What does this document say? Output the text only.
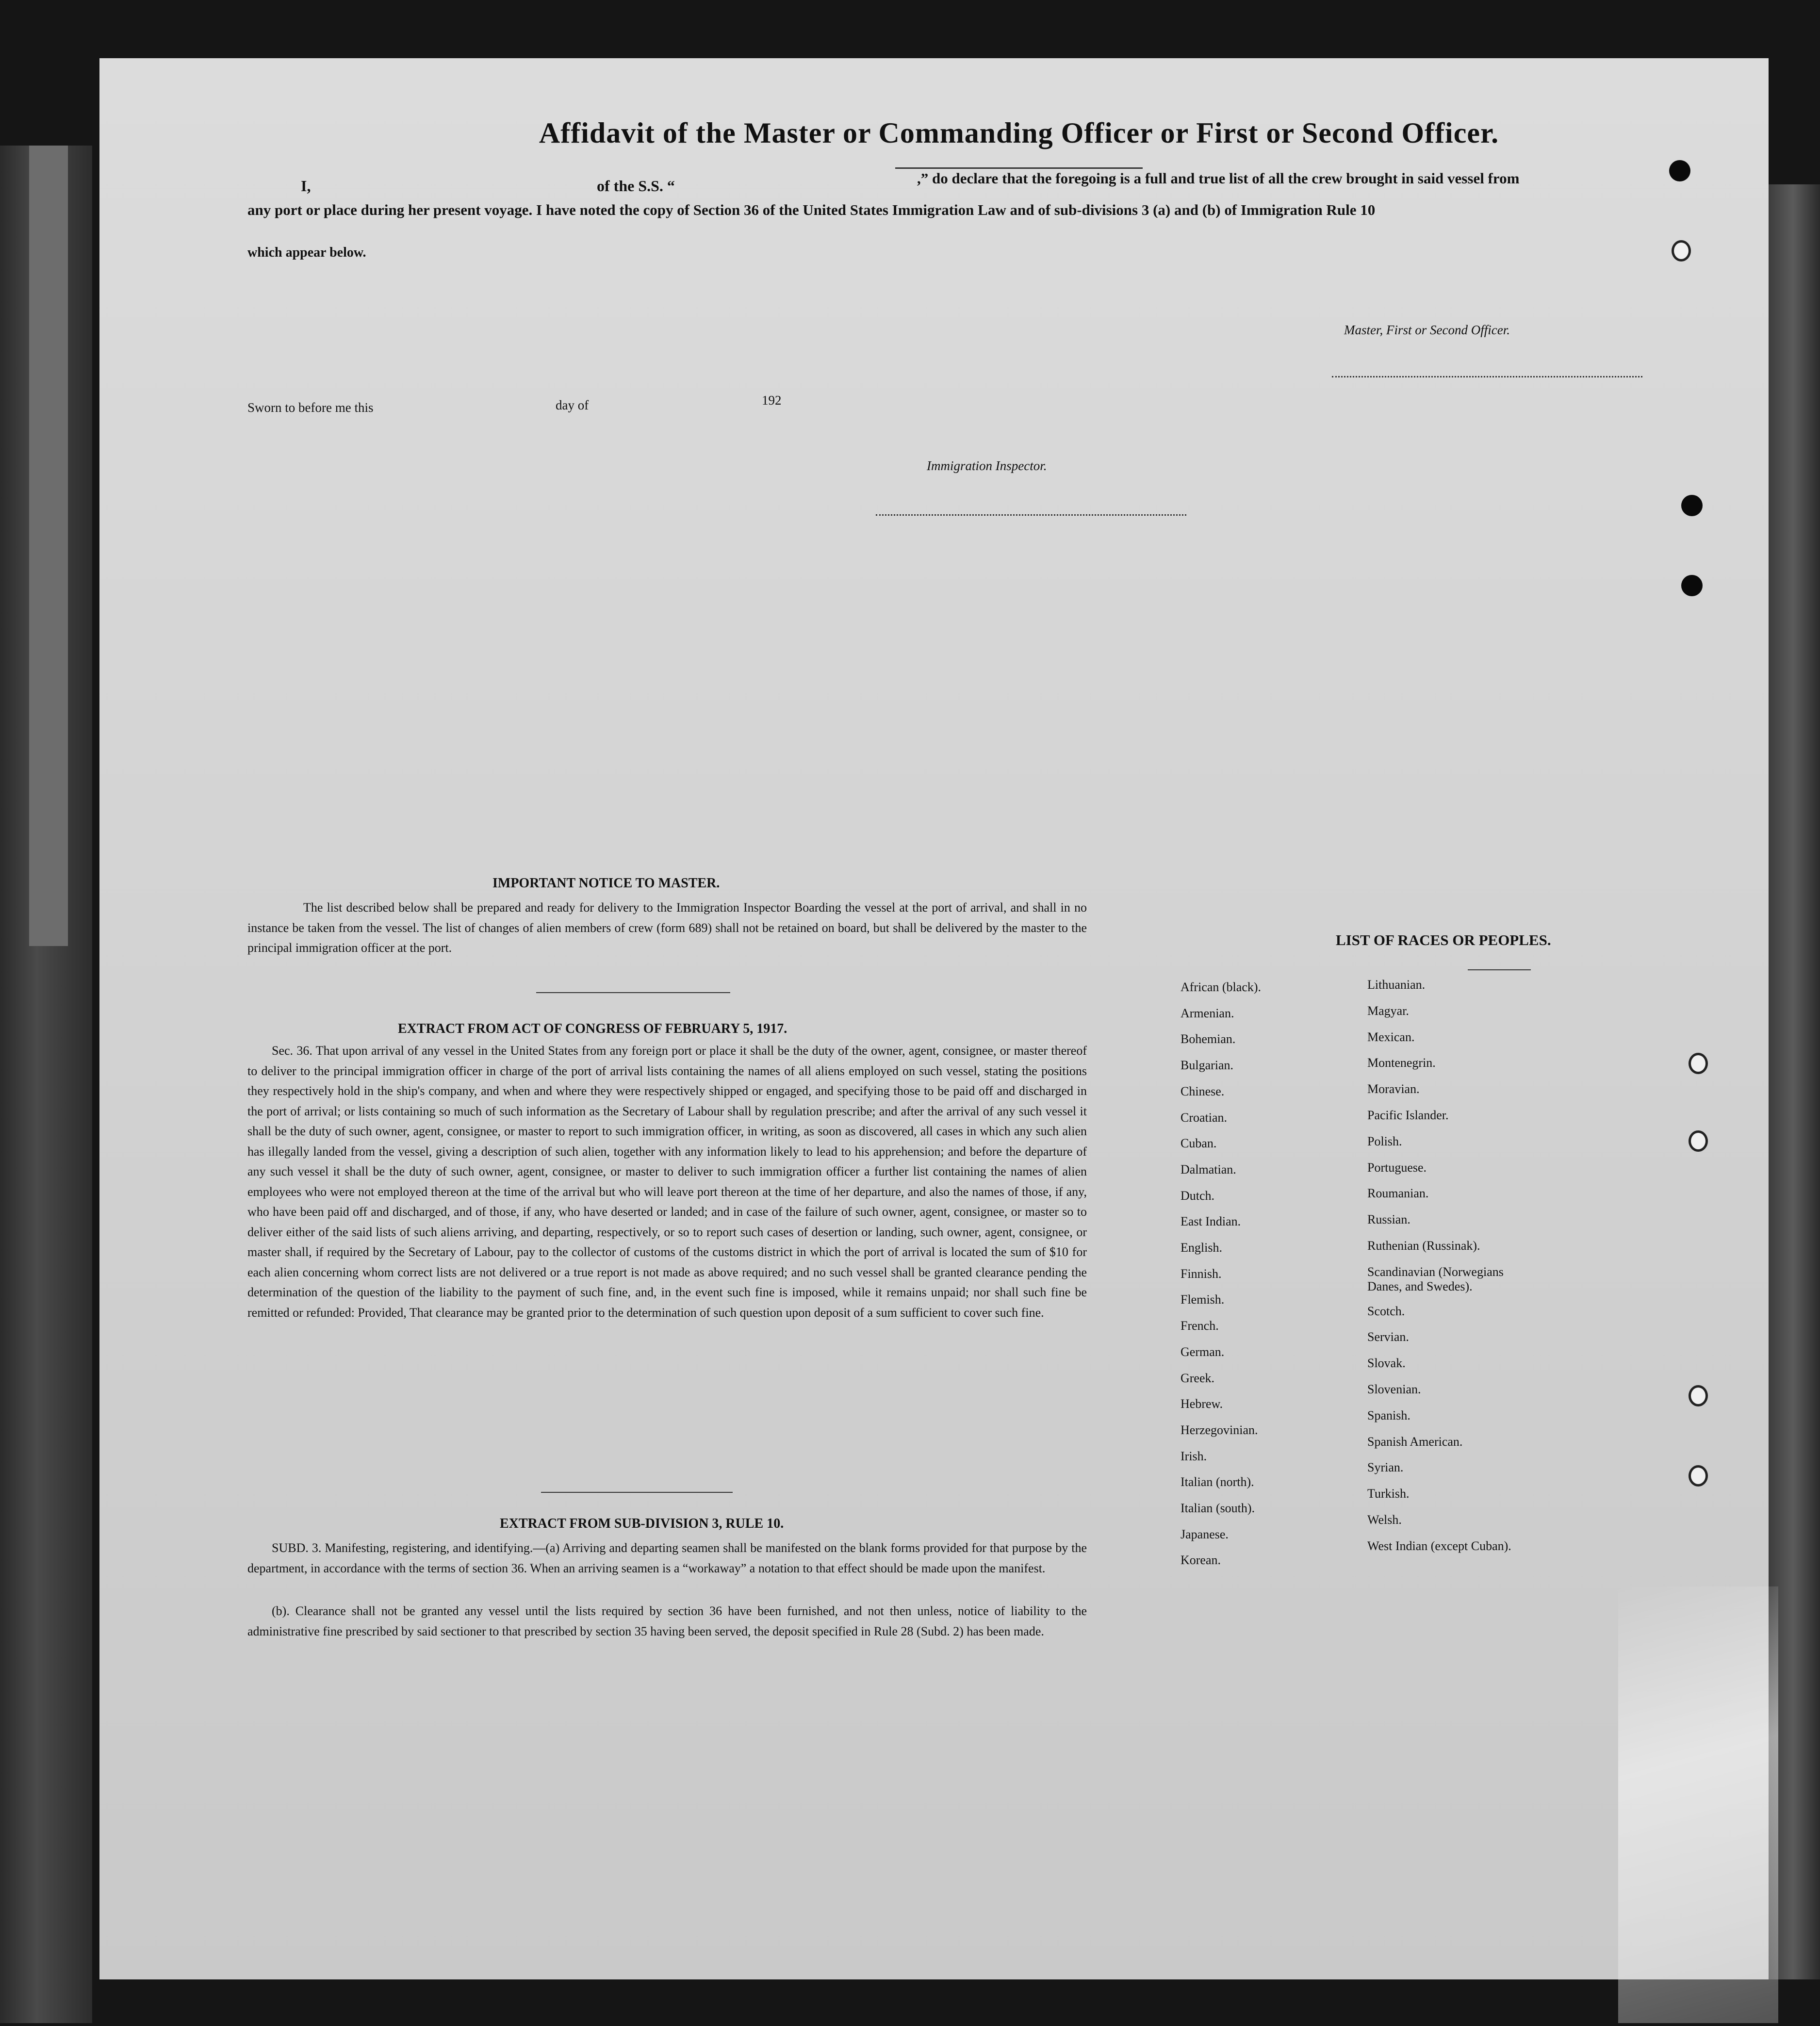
Affidavit of the Master or Commanding Officer or First or Second Officer.
I,	of the S.S. “	,” do declare that the foregoing is a full and true list of all the crew brought in said vessel from
any port or place during her present voyage. I have noted the copy of Section 36 of the United States Immigration Law and of sub-divisions 3 (a) and (b) of Immigration Rule 10
which appear below.
Master, First or Second Officer.
Sworn to before me this	day of	192
Immigration Inspector.
IMPORTANT NOTICE TO MASTER.

The list described below shall be prepared and ready for delivery to the Immigration Inspector Boarding the vessel at the port of arrival, and shall in no instance be taken from the vessel. The list of changes of alien members of crew (form 689) shall not be retained on board, but shall be delivered by the master to the principal immigration officer at the port.

EXTRACT FROM ACT OF CONGRESS OF FEBRUARY 5, 1917.

Sec. 36. That upon arrival of any vessel in the United States from any foreign port or place it shall be the duty of the owner, agent, consignee, or master thereof to deliver to the principal immigration officer in charge of the port of arrival lists containing the names of all aliens employed on such vessel, stating the positions they respectively hold in the ship's company, and when and where they were respectively shipped or engaged, and specifying those to be paid off and discharged in the port of arrival; or lists containing so much of such information as the Secretary of Labour shall by regulation prescribe; and after the arrival of any such vessel it shall be the duty of such owner, agent, consignee, or master to report to such immigration officer, in writing, as soon as discovered, all cases in which any such alien has illegally landed from the vessel, giving a description of such alien, together with any information likely to lead to his apprehension; and before the departure of any such vessel it shall be the duty of such owner, agent, consignee, or master to deliver to such immigration officer a further list containing the names of alien employees who were not employed thereon at the time of the arrival but who will leave port thereon at the time of her departure, and also the names of those, if any, who have been paid off and discharged, and of those, if any, who have deserted or landed; and in case of the failure of such owner, agent, consignee, or master so to deliver either of the said lists of such aliens arriving, and departing, respectively, or so to report such cases of desertion or landing, such owner, agent, consignee, or master shall, if required by the Secretary of Labour, pay to the collector of customs of the customs district in which the port of arrival is located the sum of $10 for each alien concerning whom correct lists are not delivered or a true report is not made as above required; and no such vessel shall be granted clearance pending the determination of the question of the liability to the payment of such fine, and, in the event such fine is imposed, while it remains unpaid; nor shall such fine be remitted or refunded: Provided, That clearance may be granted prior to the determination of such question upon deposit of a sum sufficient to cover such fine.

EXTRACT FROM SUB-DIVISION 3, RULE 10.

SUBD. 3. Manifesting, registering, and identifying.—(a) Arriving and departing seamen shall be manifested on the blank forms provided for that purpose by the department, in accordance with the terms of section 36. When an arriving seamen is a “workaway” a notation to that effect should be made upon the manifest.

(b). Clearance shall not be granted any vessel until the lists required by section 36 have been furnished, and not then unless, notice of liability to the administrative fine prescribed by said sectioner to that prescribed by section 35 having been served, the deposit specified in Rule 28 (Subd. 2) has been made.

LIST OF RACES OR PEOPLES.
African (black).
Armenian.
Bohemian.
Bulgarian.
Chinese.
Croatian.
Cuban.
Dalmatian.
Dutch.
East Indian.
English.
Finnish.
Flemish.
French.
German.
Greek.
Hebrew.
Herzegovinian.
Irish.
Italian (north).
Italian (south).
Japanese.
Korean.
Lithuanian.
Magyar.
Mexican.
Montenegrin.
Moravian.
Pacific Islander.
Polish.
Portuguese.
Roumanian.
Russian.
Ruthenian (Russinak).
Scandinavian (Norwegians
Danes, and Swedes).
Scotch.
Servian.
Slovak.
Slovenian.
Spanish.
Spanish American.
Syrian.
Turkish.
Welsh.
West Indian (except Cuban).
